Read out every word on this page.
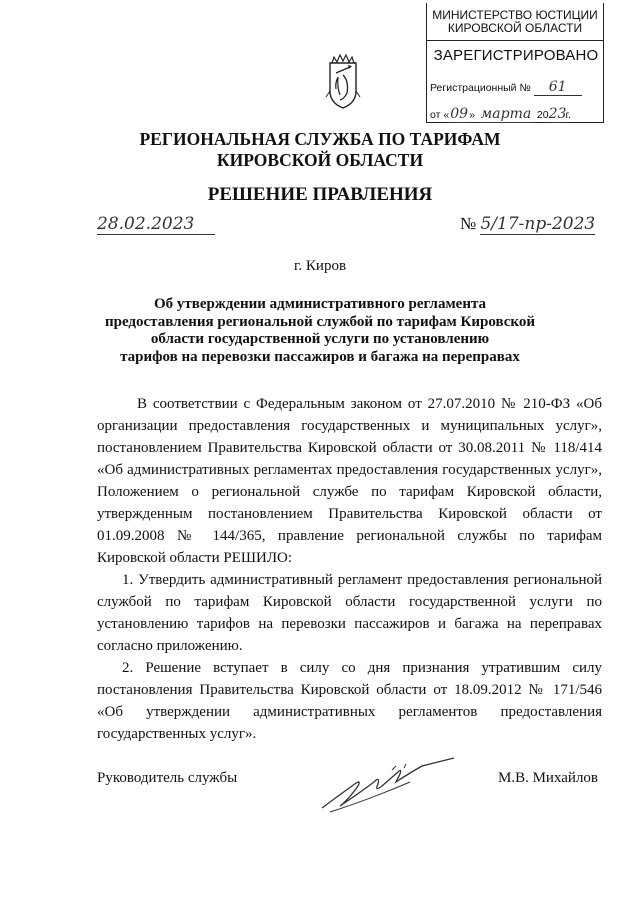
МИНИСТЕРСТВО ЮСТИЦИИ
КИРОВСКОЙ ОБЛАСТИ
ЗАРЕГИСТРИРОВАНО
Регистрационный № 61
от «09» марта 2023 г.
РЕГИОНАЛЬНАЯ СЛУЖБА ПО ТАРИФАМ
КИРОВСКОЙ ОБЛАСТИ
РЕШЕНИЕ ПРАВЛЕНИЯ
28.02.2023	№ 5/17-пр-2023
г. Киров
Об утверждении административного регламента
предоставления региональной службой по тарифам Кировской
области государственной услуги по установлению
тарифов на перевозки пассажиров и багажа на переправах

В соответствии с Федеральным законом от 27.07.2010 № 210-ФЗ «Об организации предоставления государственных и муниципальных услуг», постановлением Правительства Кировской области от 30.08.2011 № 118/414 «Об административных регламентах предоставления государственных услуг», Положением о региональной службе по тарифам Кировской области, утвержденным постановлением Правительства Кировской области от 01.09.2008 № 144/365, правление региональной службы по тарифам Кировской области РЕШИЛО:

1. Утвердить административный регламент предоставления региональной службой по тарифам Кировской области государственной услуги по установлению тарифов на перевозки пассажиров и багажа на переправах согласно приложению.

2. Решение вступает в силу со дня признания утратившим силу постановления Правительства Кировской области от 18.09.2012 № 171/546 «Об утверждении административных регламентов предоставления государственных услуг».

Руководитель службы	М.В. Михайлов
